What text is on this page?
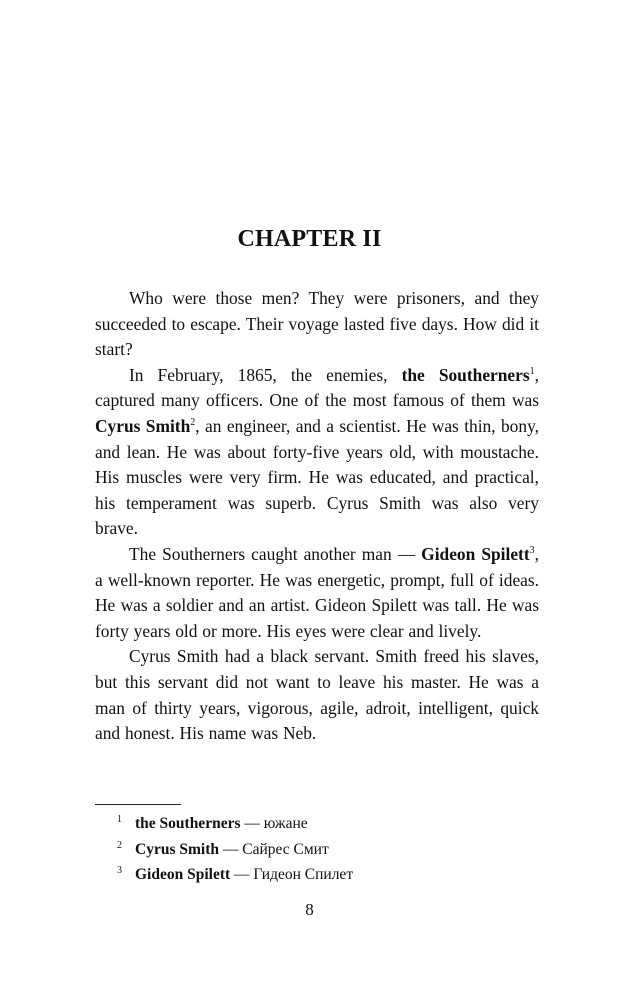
CHAPTER II

Who were those men? They were prisoners, and they succeeded to escape. Their voyage lasted five days. How did it start?

In February, 1865, the enemies, the Southerners$^1$, captured many officers. One of the most famous of them was Cyrus Smith$^2$, an engineer, and a scientist. He was thin, bony, and lean. He was about forty-five years old, with moustache. His muscles were very firm. He was educated, and practical, his temperament was superb. Cyrus Smith was also very brave.

The Southerners caught another man — Gideon Spilett$^3$, a well-known reporter. He was energetic, prompt, full of ideas. He was a soldier and an artist. Gideon Spilett was tall. He was forty years old or more. His eyes were clear and lively.

Cyrus Smith had a black servant. Smith freed his slaves, but this servant did not want to leave his master. He was a man of thirty years, vigorous, agile, adroit, intelligent, quick and honest. His name was Neb.

1 the Southerners — южане
2 Cyrus Smith — Сайрес Смит
3 Gideon Spilett — Гидеон Спилет
8
